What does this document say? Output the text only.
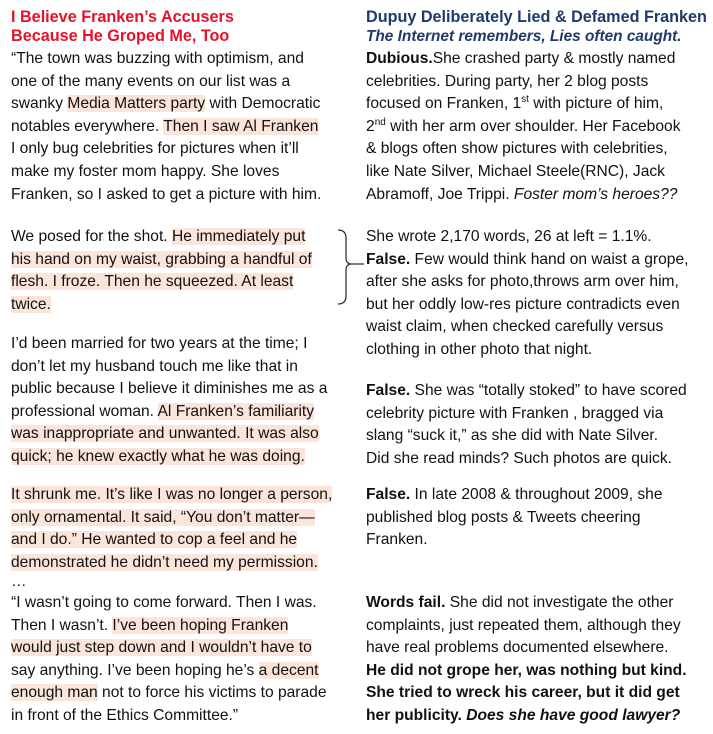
I Believe Franken’s Accusers
Because He Groped Me, Too
“The town was buzzing with optimism, and
one of the many events on our list was a
swanky Media Matters party with Democratic
notables everywhere. Then I saw Al Franken
I only bug celebrities for pictures when it’ll
make my foster mom happy. She loves
Franken, so I asked to get a picture with him.
We posed for the shot. He immediately put
his hand on my waist, grabbing a handful of
flesh. I froze. Then he squeezed. At least
twice.
I’d been married for two years at the time; I
don’t let my husband touch me like that in
public because I believe it diminishes me as a
professional woman. Al Franken’s familiarity
was inappropriate and unwanted. It was also
quick; he knew exactly what he was doing.
It shrunk me. It’s like I was no longer a person,
only ornamental. It said, “You don’t matter—
and I do.” He wanted to cop a feel and he
demonstrated he didn’t need my permission.
…
“I wasn’t going to come forward. Then I was.
Then I wasn’t. I’ve been hoping Franken
would just step down and I wouldn’t have to
say anything. I’ve been hoping he’s a decent
enough man not to force his victims to parade
in front of the Ethics Committee.”
Dupuy Deliberately Lied & Defamed Franken
The Internet remembers, Lies often caught.
Dubious.She crashed party & mostly named
celebrities. During party, her 2 blog posts
focused on Franken, 1st with picture of him,
2nd with her arm over shoulder. Her Facebook
& blogs often show pictures with celebrities,
like Nate Silver, Michael Steele(RNC), Jack
Abramoff, Joe Trippi. Foster mom’s heroes??
She wrote 2,170 words, 26 at left = 1.1%.
False. Few would think hand on waist a grope,
after she asks for photo,throws arm over him,
but her oddly low-res picture contradicts even
waist claim, when checked carefully versus
clothing in other photo that night.
False. She was “totally stoked” to have scored
celebrity picture with Franken , bragged via
slang “suck it,” as she did with Nate Silver.
Did she read minds? Such photos are quick.
False. In late 2008 & throughout 2009, she
published blog posts & Tweets cheering
Franken.
Words fail. She did not investigate the other
complaints, just repeated them, although they
have real problems documented elsewhere.
He did not grope her, was nothing but kind.
She tried to wreck his career, but it did get
her publicity. Does she have good lawyer?
